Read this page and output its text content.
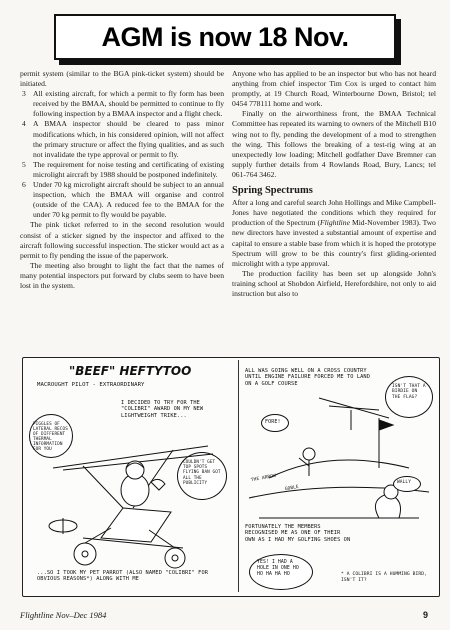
AGM is now 18 Nov.

permit system (similar to the BGA pink-ticket system) should be initiated.

3 All existing aircraft, for which a permit to fly form has been received by the BMAA, should be permitted to continue to fly following inspection by a BMAA inspector and a flight check.
4 A BMAA inspector should be cleared to pass minor modifications which, in his considered opinion, will not affect the primary structure or affect the flying qualities, and as such not invalidate the type approval or permit to fly.
5 The requirement for noise testing and certificating of existing microlight aircraft by 1988 should be postponed indefinitely.
6 Under 70 kg microlight aircraft should be subject to an annual inspection, which the BMAA will organise and control (outside of the CAA). A reduced fee to the BMAA for the under 70 kg permit to fly would be payable.

The pink ticket referred to in the second resolution would consist of a sticker signed by the inspector and affixed to the aircraft following successful inspection. The sticker would act as a permit to fly pending the issue of the paperwork.

The meeting also brought to light the fact that the names of many potential inspectors put forward by clubs seem to have been lost in the system.

Anyone who has applied to be an inspector but who has not heard anything from chief inspector Tim Cox is urged to contact him promptly, at 19 Church Road, Winterbourne Down, Bristol; tel 0454 778111 home and work.

Finally on the airworthiness front, the BMAA Technical Committee has repeated its warning to owners of the Mitchell B10 wing not to fly, pending the development of a mod to strengthen the wing. This follows the breaking of a test-rig wing at an unexpectedly low loading; Mitchell godfather Dave Bremner can supply further details from 4 Rowlands Road, Bury, Lancs; tel 061-764 3462.

Spring Spectrums

After a long and careful search John Hollings and Mike Campbell-Jones have negotiated the conditions which they required for production of the Spectrum (Flightline Mid-November 1983). Two new directors have invested a substantial amount of expertise and capital to ensure a stable base from which it is hoped the prototype Spectrum will grow to be this country's first gliding-oriented microlight with a type approval.

The production facility has been set up alongside John's training school at Shobdon Airfield, Herefordshire, not only to aid instruction but also to

"BEEF" HEFTYTOO
MACROUGHT PILOT - EXTRAORDINARY
I DECIDED TO TRY FOR THE "COLIBRI" AWARD ON MY NEW LIGHTWEIGHT TRIKE...
PIGGLES OF LATERAL RECOS OF DIFFERENT THERMAL INFORMATION FOR YOU
COULDN'T GET TOP SPOTS FLYING BAN GOT ALL THE PUBLICITY
...SO I TOOK MY PET PARROT (ALSO NAMED "COLIBRI" FOR OBVIOUS REASONS*) ALONG WITH ME
ALL WAS GOING WELL ON A CROSS COUNTRY UNTIL ENGINE FAILURE FORCED ME TO LAND ON A GOLF COURSE	ISN'T THAT A BIRDIE ON THE FLAG?
FORE!
THE ARROW
GOBLE
WALLY
FORTUNATELY THE MEMBERS RECOGNISED ME AS ONE OF THEIR OWN AS I HAD MY GOLFING SHOES ON
YES! I HAD A HOLE IN ONE HO HO HA HA HO	* A COLIBRI IS A HUMMING BIRD, ISN'T IT?
Flightline Nov–Dec 1984	9
